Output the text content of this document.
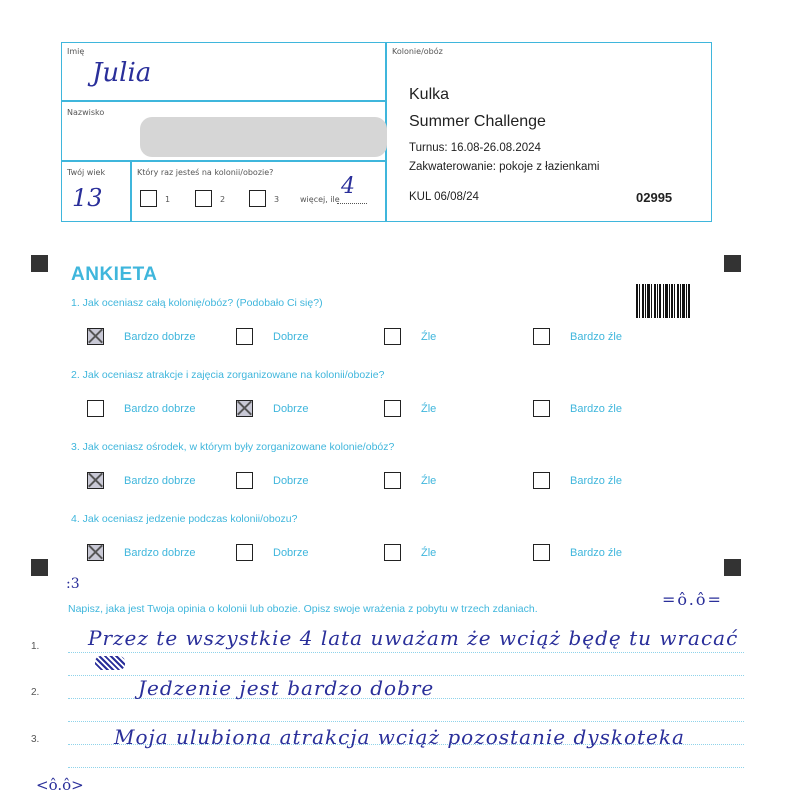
Imię
Julia
Nazwisko
Twój wiek
13
Który raz jesteś na kolonii/obozie?
1	2	3	więcej, ile
4
Kolonie/obóz
Kulka
Summer Challenge
Turnus: 16.08-26.08.2024
Zakwaterowanie: pokoje z łazienkami
KUL 06/08/24	02995
ANKIETA
1. Jak oceniasz całą kolonię/obóz? (Podobało Ci się?)
Bardzo dobrze	Dobrze	Źle	Bardzo źle
2. Jak oceniasz atrakcje i zajęcia zorganizowane na kolonii/obozie?
Bardzo dobrze	Dobrze	Źle	Bardzo źle
3. Jak oceniasz ośrodek, w którym były zorganizowane kolonie/obóz?
Bardzo dobrze	Dobrze	Źle	Bardzo źle
4. Jak oceniasz jedzenie podczas kolonii/obozu?
Bardzo dobrze	Dobrze	Źle	Bardzo źle
:3
Napisz, jaka jest Twoja opinia o kolonii lub obozie. Opisz swoje wrażenia z pobytu w trzech zdaniach.	=ô.ô=
1.
2.
3.
Przez te wszystkie 4 lata uważam że wciąż będę tu wracać
Jedzenie jest bardzo dobre
Moja ulubiona atrakcja wciąż pozostanie dyskoteka
<ô.ô>
